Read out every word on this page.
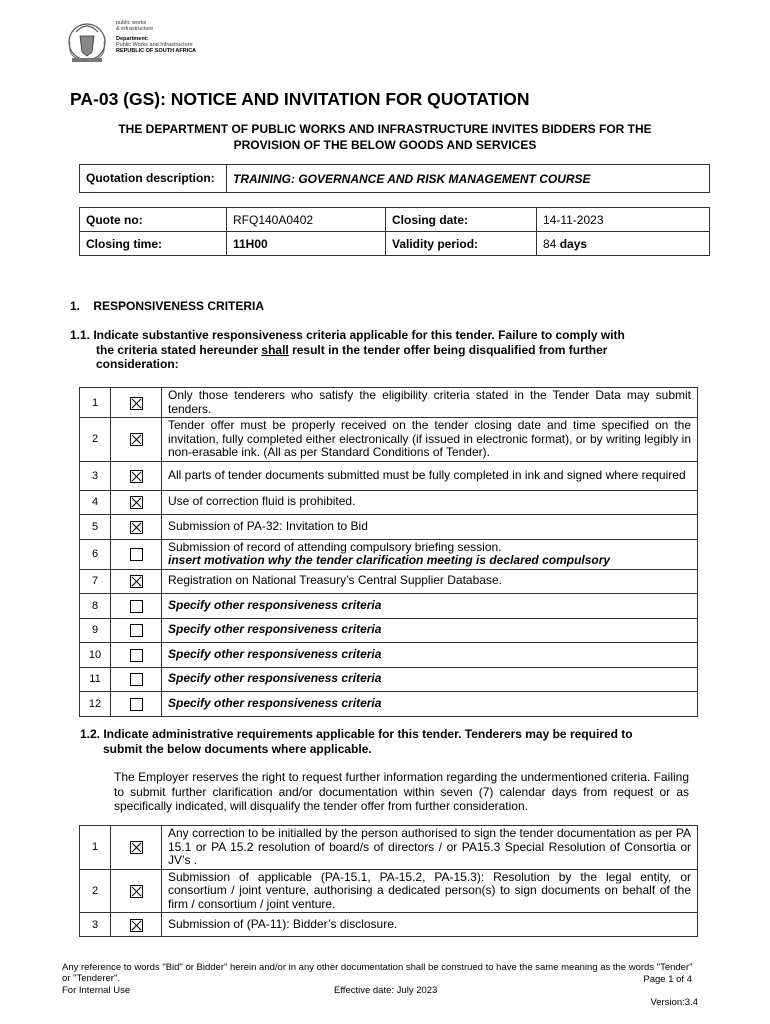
public works
& infrastructure
Department:
Public Works and Infrastructure
REPUBLIC OF SOUTH AFRICA
PA-03 (GS): NOTICE AND INVITATION FOR QUOTATION
THE DEPARTMENT OF PUBLIC WORKS AND INFRASTRUCTURE INVITES BIDDERS FOR THE
PROVISION OF THE BELOW GOODS AND SERVICES
Quotation description:	TRAINING: GOVERNANCE AND RISK MANAGEMENT COURSE
Quote no:	RFQ140A0402	Closing date:	14-11-2023
Closing time:	11H00	Validity period:	84 days
1.    RESPONSIVENESS CRITERIA
1.1. Indicate substantive responsiveness criteria applicable for this tender. Failure to comply with
the criteria stated hereunder shall result in the tender offer being disqualified from further
consideration:
1		Only those tenderers who satisfy the eligibility criteria stated in the Tender Data may submit tenders.

2		Tender offer must be properly received on the tender closing date and time specified on the invitation, fully completed either electronically (if issued in electronic format), or by writing legibly in non-erasable ink. (All as per Standard Conditions of Tender).

3		All parts of tender documents submitted must be fully completed in ink and signed where required

4		Use of correction fluid is prohibited.

5		Submission of PA-32: Invitation to Bid

6		Submission of record of attending compulsory briefing session.
insert motivation why the tender clarification meeting is declared compulsory

7		Registration on National Treasury’s Central Supplier Database.

8		Specify other responsiveness criteria

9		Specify other responsiveness criteria

10		Specify other responsiveness criteria

11		Specify other responsiveness criteria

12		Specify other responsiveness criteria
1.2. Indicate administrative requirements applicable for this tender. Tenderers may be required to
submit the below documents where applicable.
The Employer reserves the right to request further information regarding the undermentioned criteria. Failing to submit further clarification and/or documentation within seven (7) calendar days from request or as specifically indicated, will disqualify the tender offer from further consideration.
1		Any correction to be initialled by the person authorised to sign the tender documentation as per PA 15.1 or PA 15.2 resolution of board/s of directors / or PA15.3 Special Resolution of Consortia or JV’s .

2		Submission of applicable (PA-15.1, PA-15.2, PA-15.3): Resolution by the legal entity, or consortium / joint venture, authorising a dedicated person(s) to sign documents on behalf of the firm / consortium / joint venture.

3		Submission of (PA-11): Bidder’s disclosure.
Any reference to words "Bid" or Bidder" herein and/or in any other documentation shall be construed to have the same meaning as the words "Tender" or "Tenderer".
For Internal Use	Effective date: July 2023
Page 1 of 4
Version:3.4
